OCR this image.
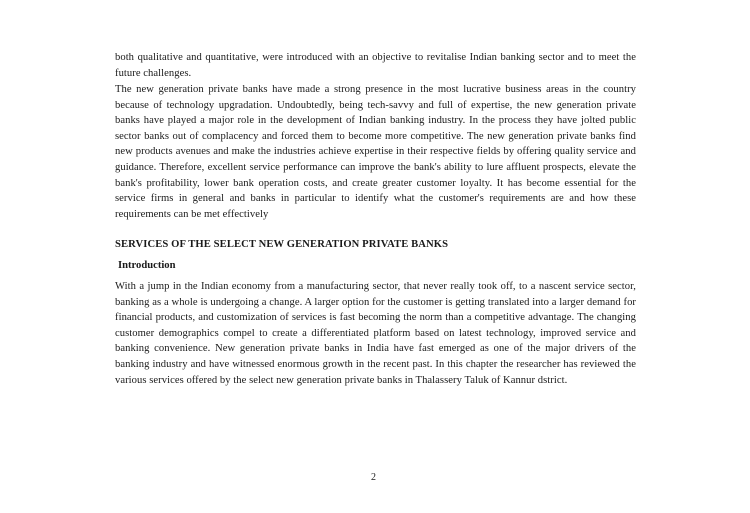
both qualitative and quantitative, were introduced with an objective to revitalise Indian banking sector and to meet the future challenges.

The new generation private banks have made a strong presence in the most lucrative business areas in the country because of technology upgradation. Undoubtedly, being tech-savvy and full of expertise, the new generation private banks have played a major role in the development of Indian banking industry. In the process they have jolted public sector banks out of complacency and forced them to become more competitive. The new generation private banks find new products avenues and make the industries achieve expertise in their respective fields by offering quality service and guidance. Therefore, excellent service performance can improve the bank's ability to lure affluent prospects, elevate the bank's profitability, lower bank operation costs, and create greater customer loyalty. It has become essential for the service firms in general and banks in particular to identify what the customer's requirements are and how these requirements can be met effectively

SERVICES OF THE SELECT NEW GENERATION PRIVATE BANKS
Introduction

With a jump in the Indian economy from a manufacturing sector, that never really took off, to a nascent service sector, banking as a whole is undergoing a change. A larger option for the customer is getting translated into a larger demand for financial products, and customization of services is fast becoming the norm than a competitive advantage. The changing customer demographics compel to create a differentiated platform based on latest technology, improved service and banking convenience. New generation private banks in India have fast emerged as one of the major drivers of the banking industry and have witnessed enormous growth in the recent past. In this chapter the researcher has reviewed the various services offered by the select new generation private banks in Thalassery Taluk of Kannur dstrict.

2
